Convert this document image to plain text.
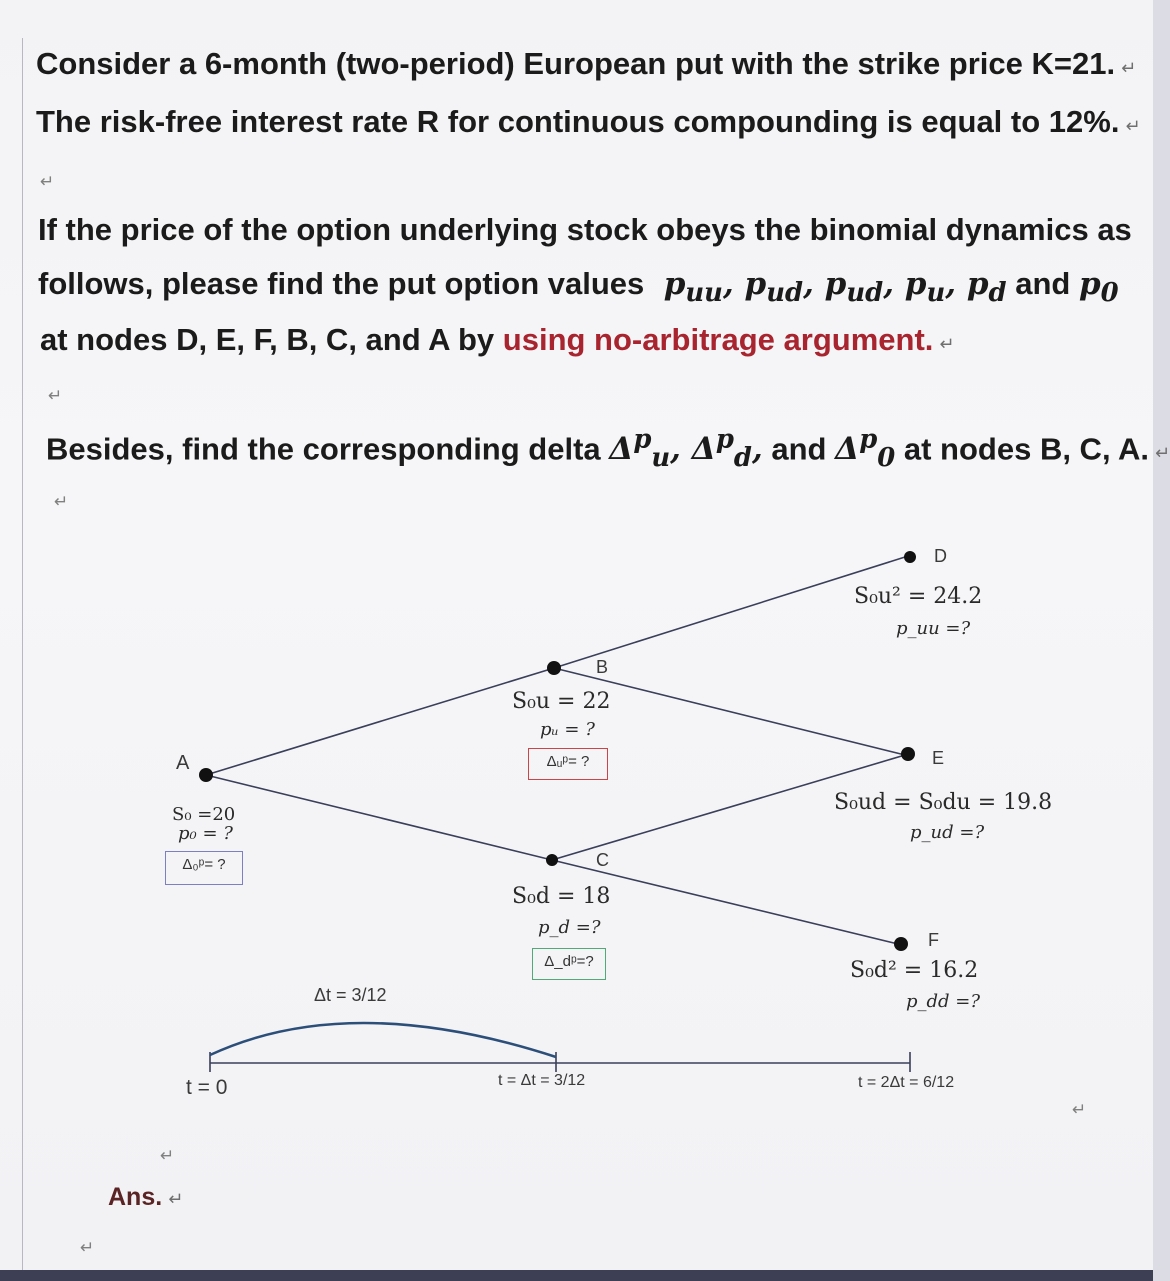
Consider a 6-month (two-period) European put with the strike price K=21. ↵
The risk-free interest rate R for continuous compounding is equal to 12%. ↵
↵
If the price of the option underlying stock obeys the binomial dynamics as
follows, please find the put option values $p_{uu}$, $p_{ud}$, $p_{ud}$, $p_u$, $p_d$ and $p_0$
at nodes D, E, F, B, C, and A by using no-arbitrage argument. ↵
↵
Besides, find the corresponding delta $\Delta^p_u$, $\Delta^p_d$, and $\Delta^p_0$ at nodes B, C, A. ↵
↵
A
B
C
D
E
F
S₀ =20
p₀ = ?
Δ₀ᵖ= ?
S₀u = 22
pᵤ = ?
Δᵤᵖ= ?
S₀d = 18
p_d =?
Δ_dᵖ=?
S₀u² = 24.2
p_uu =?
S₀ud = S₀du = 19.8
p_ud =?
S₀d² = 16.2
p_dd =?
Δt = 3/12
t = 0	t = Δt = 3/12	t = 2Δt = 6/12
↵
↵
Ans. ↵
↵
